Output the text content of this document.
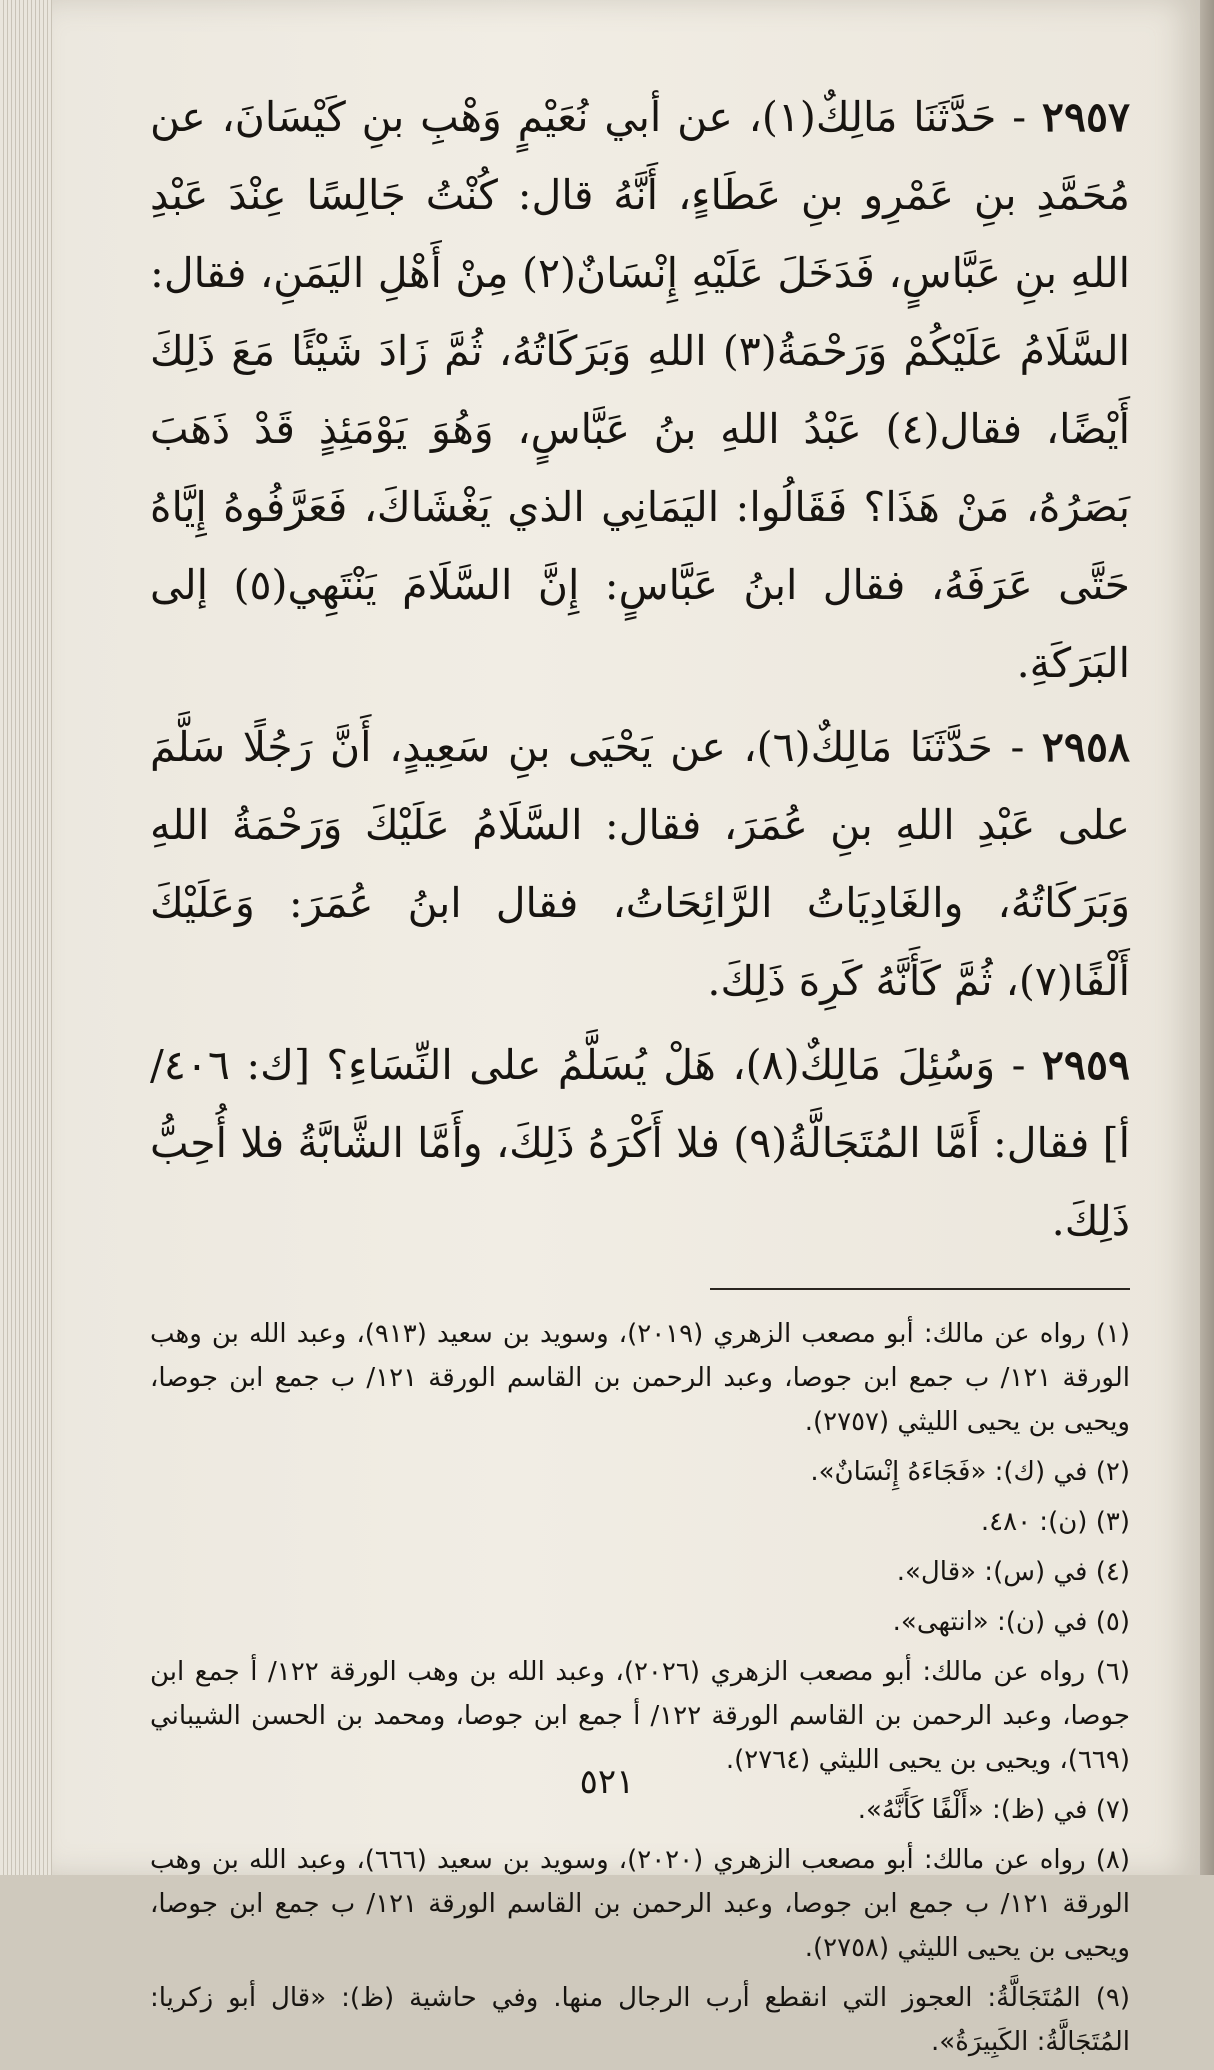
٢٩٥٧ - حَدَّثَنَا مَالِكٌ(١)، عن أبي نُعَيْمٍ وَهْبِ بنِ كَيْسَانَ، عن مُحَمَّدِ بنِ عَمْرِو بنِ عَطَاءٍ، أَنَّهُ قال: كُنْتُ جَالِسًا عِنْدَ عَبْدِ اللهِ بنِ عَبَّاسٍ، فَدَخَلَ عَلَيْهِ إِنْسَانٌ(٢) مِنْ أَهْلِ اليَمَنِ، فقال: السَّلَامُ عَلَيْكُمْ وَرَحْمَةُ(٣) اللهِ وَبَرَكَاتُهُ، ثُمَّ زَادَ شَيْئًا مَعَ ذَلِكَ أَيْضًا، فقال(٤) عَبْدُ اللهِ بنُ عَبَّاسٍ، وَهُوَ يَوْمَئِذٍ قَدْ ذَهَبَ بَصَرُهُ، مَنْ هَذَا؟ فَقَالُوا: اليَمَانِي الذي يَغْشَاكَ، فَعَرَّفُوهُ إِيَّاهُ حَتَّى عَرَفَهُ، فقال ابنُ عَبَّاسٍ: إِنَّ السَّلَامَ يَنْتَهِي(٥) إلى البَرَكَةِ.

٢٩٥٨ - حَدَّثَنَا مَالِكٌ(٦)، عن يَحْيَى بنِ سَعِيدٍ، أَنَّ رَجُلًا سَلَّمَ على عَبْدِ اللهِ بنِ عُمَرَ، فقال: السَّلَامُ عَلَيْكَ وَرَحْمَةُ اللهِ وَبَرَكَاتُهُ، والغَادِيَاتُ الرَّائِحَاتُ، فقال ابنُ عُمَرَ: وَعَلَيْكَ أَلْفًا(٧)، ثُمَّ كَأَنَّهُ كَرِهَ ذَلِكَ.

٢٩٥٩ - وَسُئِلَ مَالِكٌ(٨)، هَلْ يُسَلَّمُ على النِّسَاءِ؟ [ك: ٤٠٦/ أ] فقال: أَمَّا المُتَجَالَّةُ(٩) فلا أَكْرَهُ ذَلِكَ، وأَمَّا الشَّابَّةُ فلا أُحِبُّ ذَلِكَ.

(١) رواه عن مالك: أبو مصعب الزهري (٢٠١٩)، وسويد بن سعيد (٩١٣)، وعبد الله بن وهب الورقة ١٢١/ ب جمع ابن جوصا، وعبد الرحمن بن القاسم الورقة ١٢١/ ب جمع ابن جوصا، ويحيى بن يحيى الليثي (٢٧٥٧).

(٢) في (ك): «فَجَاءَهُ إِنْسَانٌ».

(٣) (ن): ٤٨٠.

(٤) في (س): «قال».

(٥) في (ن): «انتهى».

(٦) رواه عن مالك: أبو مصعب الزهري (٢٠٢٦)، وعبد الله بن وهب الورقة ١٢٢/ أ جمع ابن جوصا، وعبد الرحمن بن القاسم الورقة ١٢٢/ أ جمع ابن جوصا، ومحمد بن الحسن الشيباني (٦٦٩)، ويحيى بن يحيى الليثي (٢٧٦٤).

(٧) في (ظ): «أَلْفًا كَأَنَّهُ».

(٨) رواه عن مالك: أبو مصعب الزهري (٢٠٢٠)، وسويد بن سعيد (٦٦٦)، وعبد الله بن وهب الورقة ١٢١/ ب جمع ابن جوصا، وعبد الرحمن بن القاسم الورقة ١٢١/ ب جمع ابن جوصا، ويحيى بن يحيى الليثي (٢٧٥٨).

(٩) المُتَجَالَّةُ: العجوز التي انقطع أرب الرجال منها. وفي حاشية (ظ): «قال أبو زكريا: المُتَجَالَّةُ: الكَبِيرَةُ».

٥٢١
